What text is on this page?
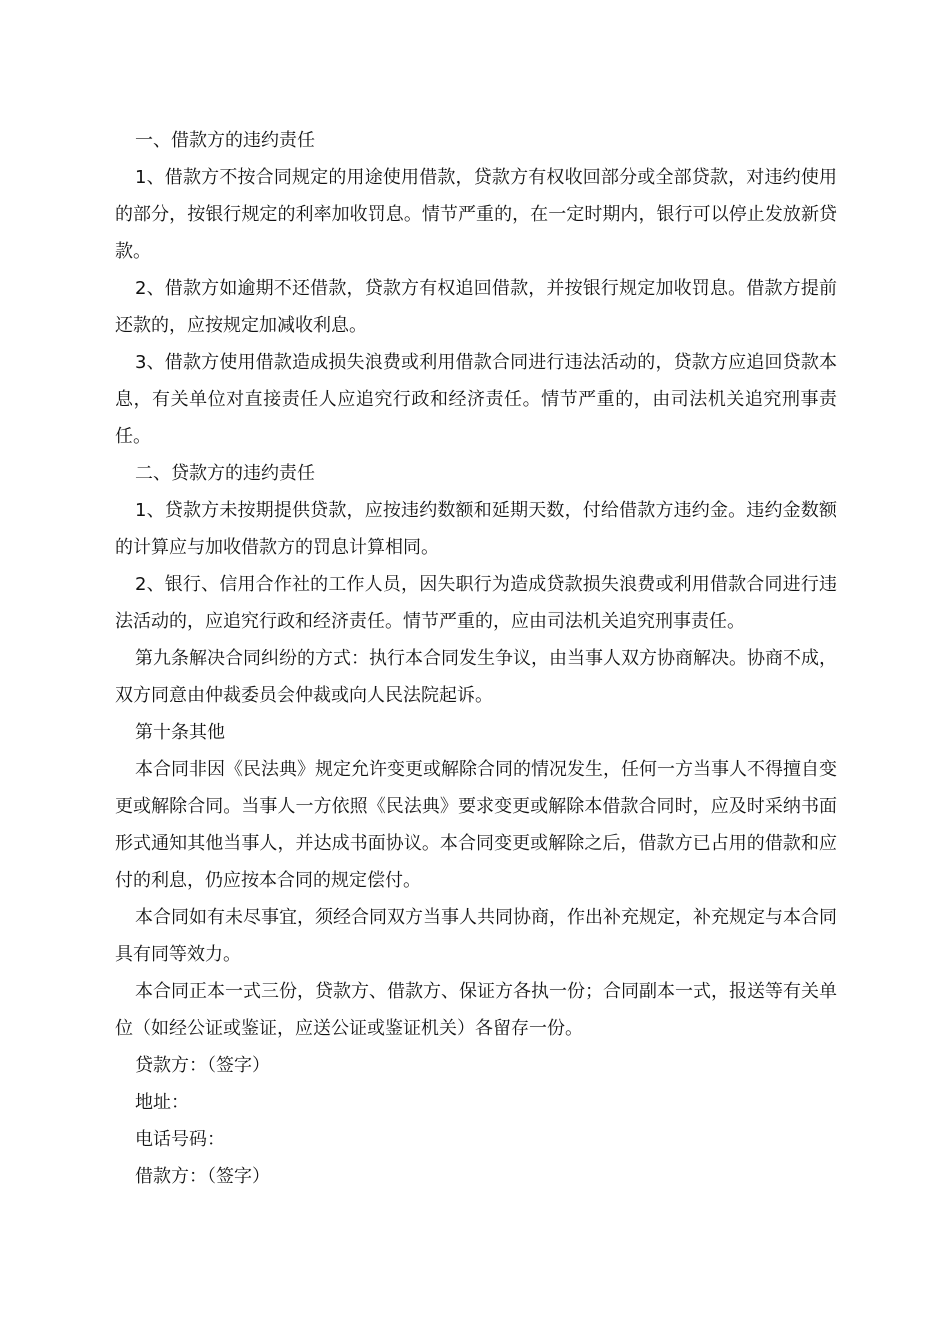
一、借款方的违约责任

1、借款方不按合同规定的用途使用借款，贷款方有权收回部分或全部贷款，对违约使用的部分，按银行规定的利率加收罚息。情节严重的，在一定时期内，银行可以停止发放新贷款。

2、借款方如逾期不还借款，贷款方有权追回借款，并按银行规定加收罚息。借款方提前还款的，应按规定加减收利息。

3、借款方使用借款造成损失浪费或利用借款合同进行违法活动的，贷款方应追回贷款本息，有关单位对直接责任人应追究行政和经济责任。情节严重的，由司法机关追究刑事责任。

二、贷款方的违约责任

1、贷款方未按期提供贷款，应按违约数额和延期天数，付给借款方违约金。违约金数额的计算应与加收借款方的罚息计算相同。

2、银行、信用合作社的工作人员，因失职行为造成贷款损失浪费或利用借款合同进行违法活动的，应追究行政和经济责任。情节严重的，应由司法机关追究刑事责任。

第九条解决合同纠纷的方式：执行本合同发生争议，由当事人双方协商解决。协商不成，双方同意由仲裁委员会仲裁或向人民法院起诉。

第十条其他

本合同非因《民法典》规定允许变更或解除合同的情况发生，任何一方当事人不得擅自变更或解除合同。当事人一方依照《民法典》要求变更或解除本借款合同时，应及时采纳书面形式通知其他当事人，并达成书面协议。本合同变更或解除之后，借款方已占用的借款和应付的利息，仍应按本合同的规定偿付。

本合同如有未尽事宜，须经合同双方当事人共同协商，作出补充规定，补充规定与本合同具有同等效力。

本合同正本一式三份，贷款方、借款方、保证方各执一份；合同副本一式，报送等有关单位（如经公证或鉴证，应送公证或鉴证机关）各留存一份。

贷款方：（签字）

地址：

电话号码：

借款方：（签字）
